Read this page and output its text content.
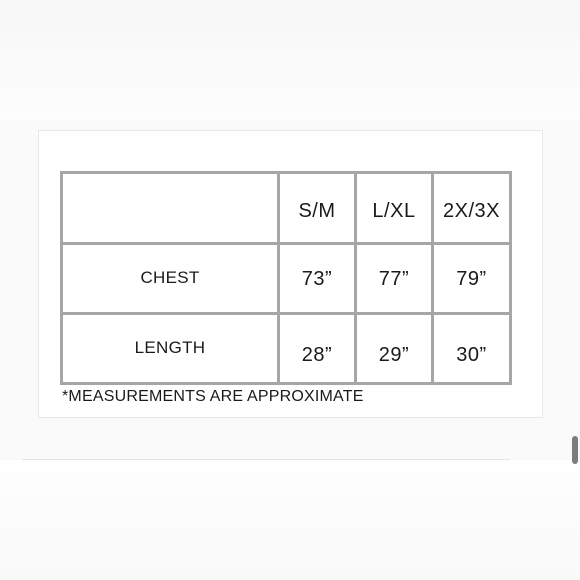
	S/M	L/XL	2X/3X
CHEST	73”	77”	79”
LENGTH	28”	29”	30”
*MEASUREMENTS ARE APPROXIMATE
